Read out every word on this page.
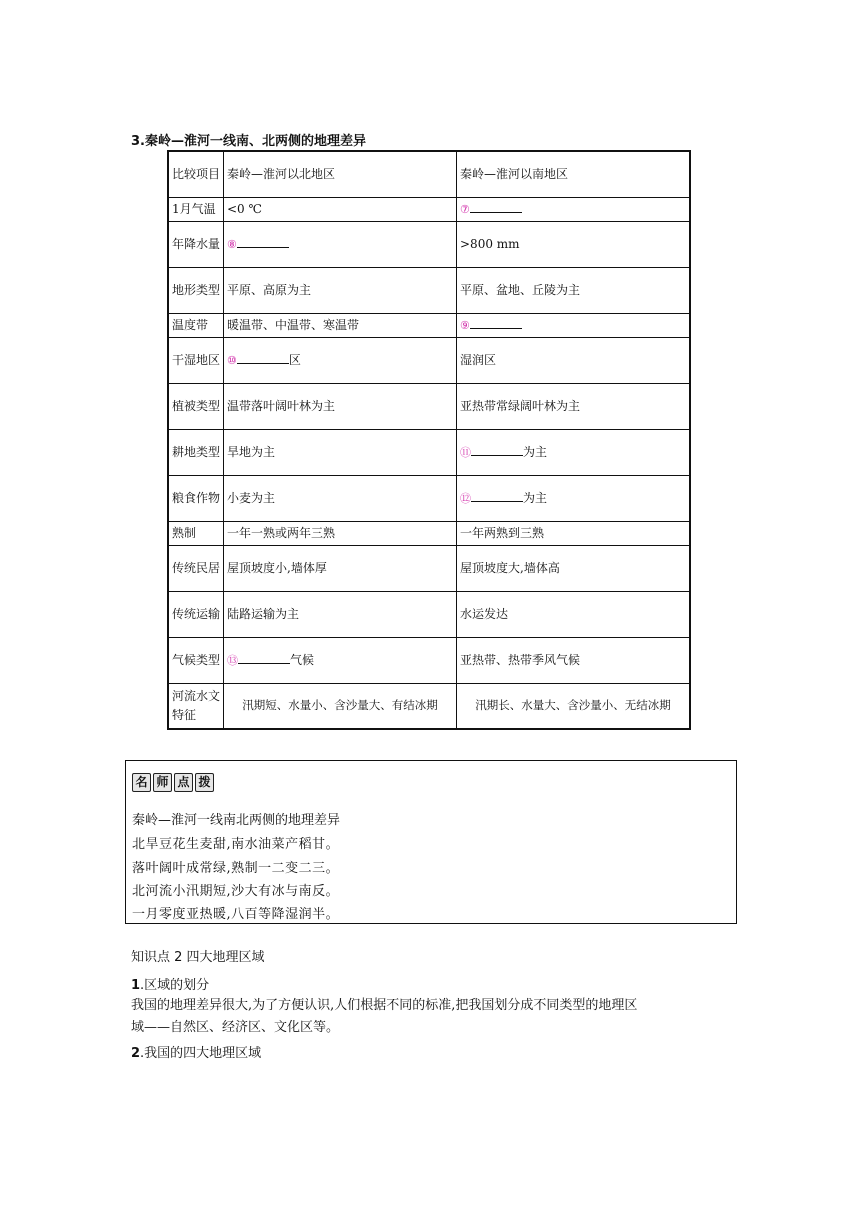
3.秦岭—淮河一线南、北两侧的地理差异
比较项目	秦岭—淮河以北地区	秦岭—淮河以南地区
1月气温	<0 ℃	⑦
年降水量	⑧	>800 mm
地形类型	平原、高原为主	平原、盆地、丘陵为主
温度带	暖温带、中温带、寒温带	⑨
干湿地区	⑩ 区	湿润区
植被类型	温带落叶阔叶林为主	亚热带常绿阔叶林为主
耕地类型	旱地为主	⑪ 为主
粮食作物	小麦为主	⑫ 为主
熟制	一年一熟或两年三熟	一年两熟到三熟
传统民居	屋顶坡度小,墙体厚	屋顶坡度大,墙体高
传统运输	陆路运输为主	水运发达
气候类型	⑬ 气候	亚热带、热带季风气候
河流水文特征	汛期短、水量小、含沙量大、有结冰期	汛期长、水量大、含沙量小、无结冰期
名 师 点 拨
秦岭—淮河一线南北两侧的地理差异
北旱豆花生麦甜,南水油菜产稻甘。
落叶阔叶成常绿,熟制一二变二三。
北河流小汛期短,沙大有冰与南反。
一月零度亚热暖,八百等降湿润半。
知识点 2 四大地理区域
1.区域的划分
我国的地理差异很大,为了方便认识,人们根据不同的标准,把我国划分成不同类型的地理区
域——自然区、经济区、文化区等。
2.我国的四大地理区域
